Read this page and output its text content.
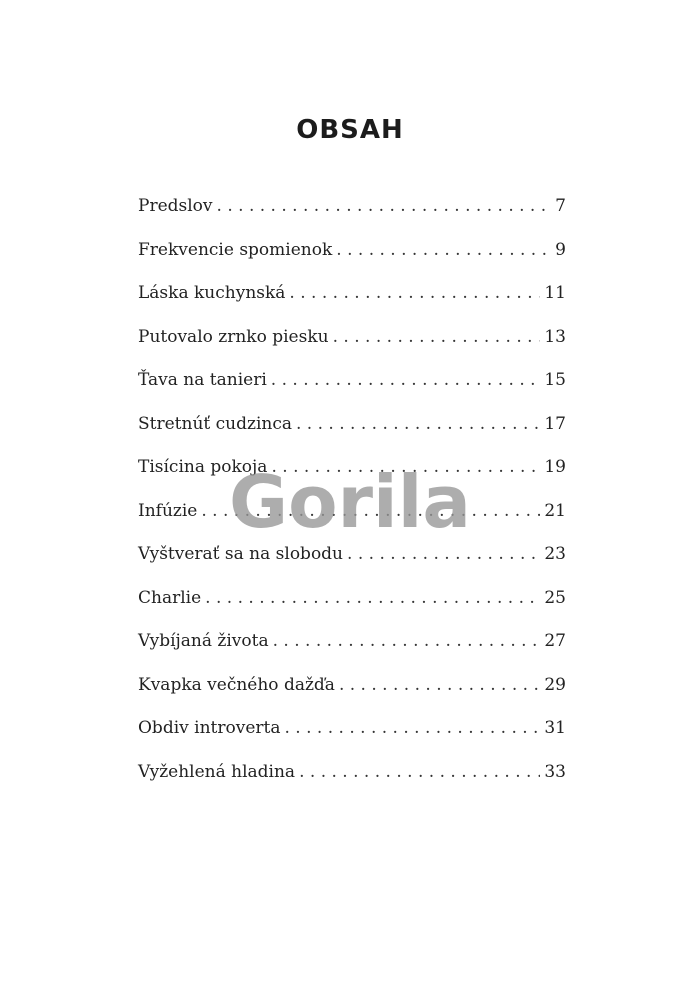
OBSAH
Predslov . . .	7
Frekvencie spomienok . . .	9
Láska kuchynská . . .	11
Putovalo zrnko piesku . . .	13
Ťava na tanieri . . .	15
Stretnúť cudzinca . . .	17
Tisícina pokoja . . .	19
Infúzie . . .	21
Vyštverať sa na slobodu . . .	23
Charlie . . .	25
Vybíjaná života . . .	27
Kvapka večného dažďa . . .	29
Obdiv introverta . . .	31
Vyžehlená hladina . . .	33
Gorila
